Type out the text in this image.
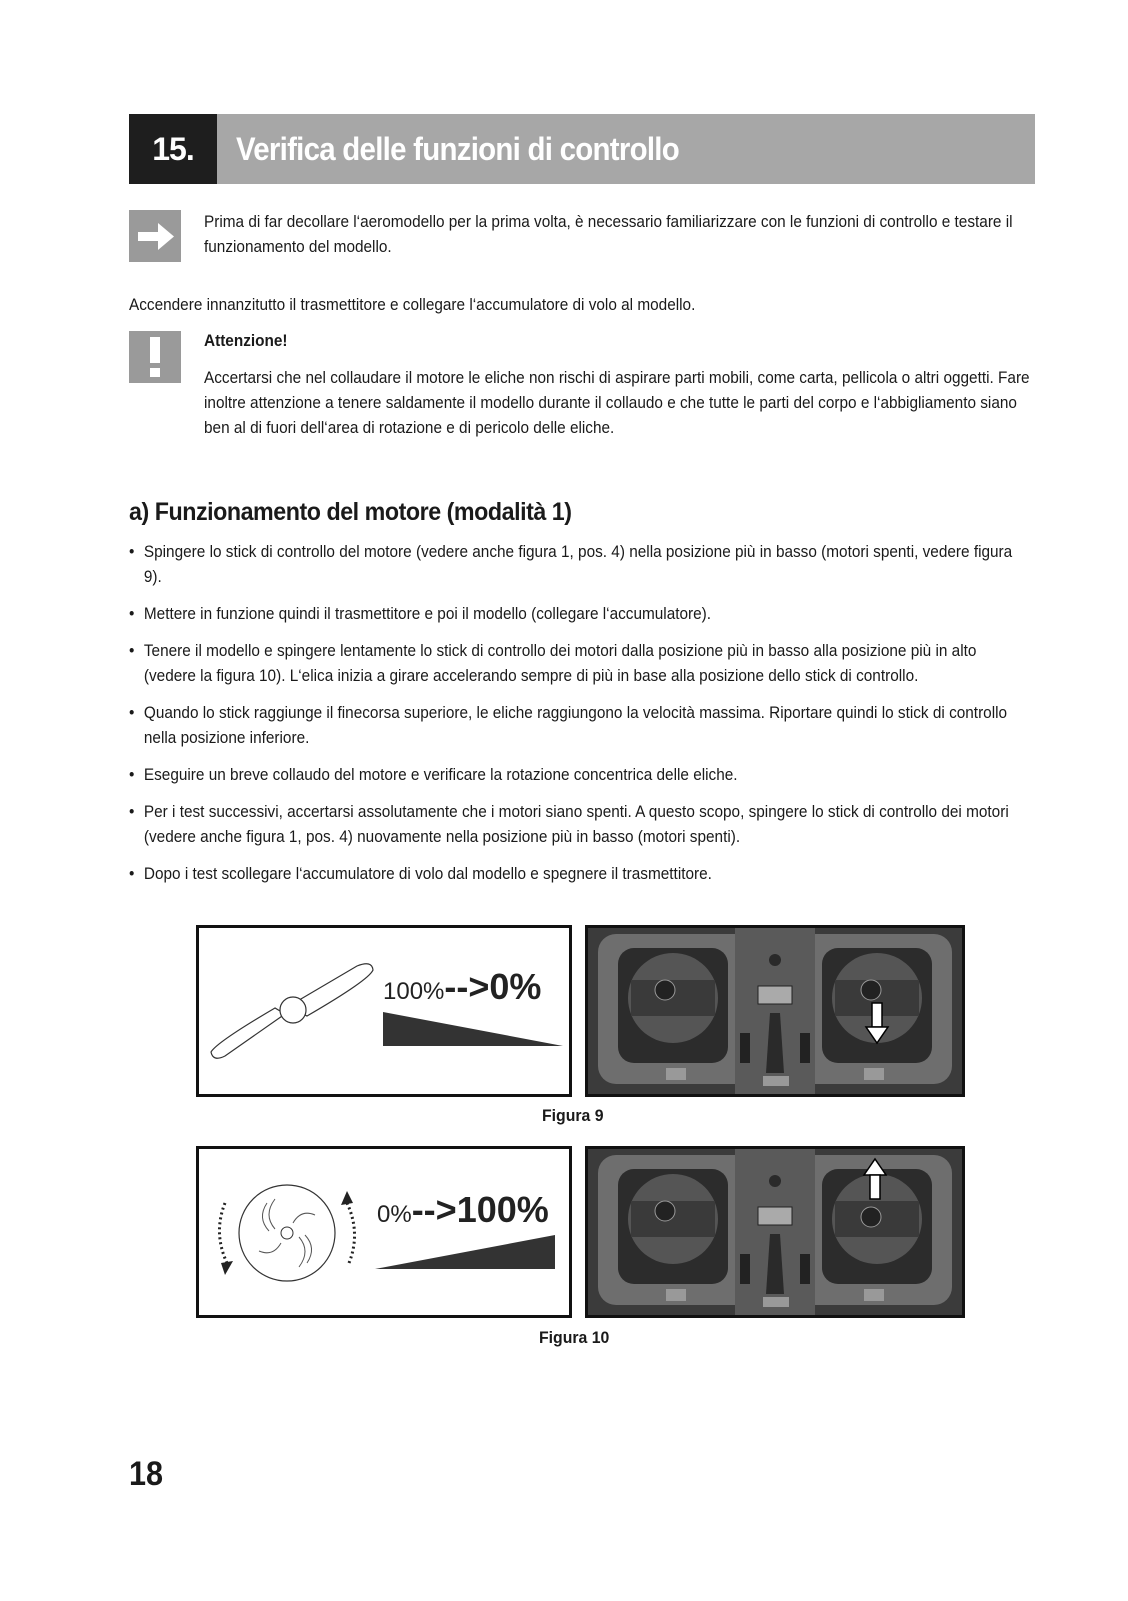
15.	Verifica delle funzioni di controllo
Prima di far decollare l‘aeromodello per la prima volta, è necessario familiarizzare con le funzioni di controllo e testare il funzionamento del modello.
Accendere innanzitutto il trasmettitore e collegare l‘accumulatore di volo al modello.
Attenzione!
Accertarsi che nel collaudare il motore le eliche non rischi di aspirare parti mobili, come carta, pellicola o altri oggetti. Fare inoltre attenzione a tenere saldamente il modello durante il collaudo e che tutte le parti del corpo e l‘abbigliamento siano ben al di fuori dell‘area di rotazione e di pericolo delle eliche.
a) Funzionamento del motore (modalità 1)
• Spingere lo stick di controllo del motore (vedere anche figura 1, pos. 4) nella posizione più in basso (motori spenti, vedere figura 9).
• Mettere in funzione quindi il trasmettitore e poi il modello (collegare l‘accumulatore).
• Tenere il modello e spingere lentamente lo stick di controllo dei motori dalla posizione più in basso alla posizione più in alto (vedere la figura 10). L‘elica inizia a girare accelerando sempre di più in base alla posizione dello stick di controllo.
• Quando lo stick raggiunge il finecorsa superiore, le eliche raggiungono la velocità massima. Riportare quindi lo stick di controllo nella posizione inferiore.
• Eseguire un breve collaudo del motore e verificare la rotazione concentrica delle eliche.
• Per i test successivi, accertarsi assolutamente che i motori siano spenti. A questo scopo, spingere lo stick di controllo dei motori (vedere anche figura 1, pos. 4) nuovamente nella posizione più in basso (motori spenti).
• Dopo i test scollegare l‘accumulatore di volo dal modello e spegnere il trasmettitore.
100%-->0%
Figura 9
0%-->100%
Figura 10
18
